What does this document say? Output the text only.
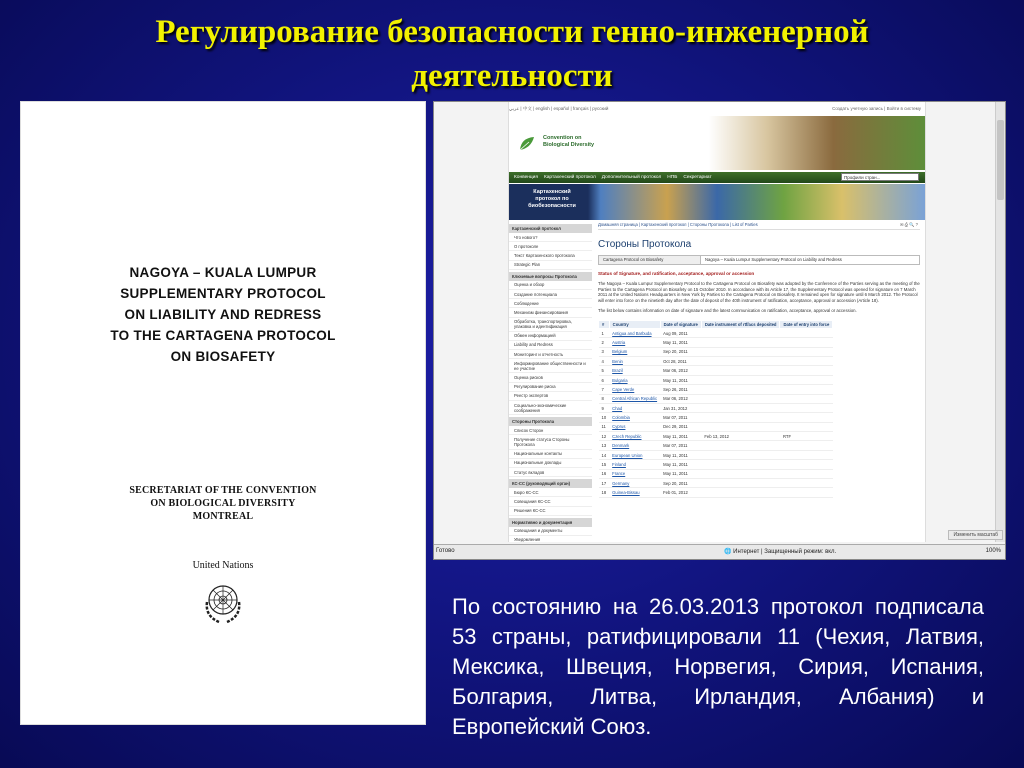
Регулирование безопасности генно-инженерной
деятельности
NAGOYA – KUALA LUMPUR
SUPPLEMENTARY PROTOCOL
ON LIABILITY AND REDRESS
TO THE CARTAGENA PROTOCOL
ON BIOSAFETY
SECRETARIAT OF THE CONVENTION
ON BIOLOGICAL DIVERSITY
MONTREAL
United Nations
عربي | 中文 | english | español | français | русский	Создать учетную запись | Войти в систему
Convention on
Biological Diversity
Конвенция Картахенский протокол Дополнительный протокол НПБ Секретариат	Профили стран...
Картахенский
протокол по
биобезопасности
Картахенский протокол
Что нового?
О протоколе
Текст Картахенского протокола
Strategic Plan
Ключевые вопросы Протокола
Оценка и обзор
Создание потенциала
Соблюдение
Механизм финансирования
Обработка, транспортировка, упаковка и идентификация
Обмен информацией
Liability and Redress
Мониторинг и отчетность
Информирование общественности и ее участие
Оценка рисков
Регулирование риска
Реестр экспертов
Социально-экономические соображения
Стороны Протокола
Список Сторон
Получение статуса Стороны Протокола
Национальные контакты
Национальные доклады
Статус вкладов
КС-СС (руководящий орган)
Бюро КС-СС
Совещания КС-СС
Решения КС-СС
Нормативно и документация
Совещания и документы
Уведомления
Домашняя страница | Картахенский протокол | Стороны Протокола | List of Parties	✉ ⎙ 🔍 ?
Стороны Протокола
Cartagena Protocol on Biosafety	Nagoya – Kuala Lumpur Supplementary Protocol on Liability and Redress
Status of Signature, and ratification, acceptance, approval or accession
The Nagoya – Kuala Lumpur Supplementary Protocol to the Cartagena Protocol on Biosafety was adopted by the Conference of the Parties serving as the meeting of the Parties to the Cartagena Protocol on Biosafety on 15 October 2010. In accordance with its Article 17, the Supplementary Protocol was opened for signature on 7 March 2011 at the United Nations Headquarters in New York by Parties to the Cartagena Protocol on Biosafety. It remained open for signature until 6 March 2012. The Protocol will enter into force on the ninetieth day after the date of deposit of the 40th instrument of ratification, acceptance, approval or accession (Article 18).
The list below contains information on date of signature and the latest communication on ratification, acceptance, approval or accession.
#	Country	Date of signature	Date instrument of rtf/acs deposited	Date of entry into force
1	Antigua and Barbuda	Aug 09, 2011		
2	Austria	May 11, 2011		
3	Belgium	Sep 20, 2011		
4	Benin	Oct 28, 2011		
5	Brazil	Mar 06, 2012		
6	Bulgaria	May 11, 2011		
7	Cape Verde	Sep 26, 2011		
8	Central African Republic	Mar 06, 2012		
9	Chad	Jan 31, 2012		
10	Colombia	Mar 07, 2011		
11	Cyprus	Dec 29, 2011		
12	Czech Republic	May 11, 2011	Feb 13, 2012	RTF
13	Denmark	Mar 07, 2011		
14	European Union	May 11, 2011		
15	Finland	May 11, 2011		
16	France	May 11, 2011		
17	Germany	Sep 20, 2011		
18	Guinea-Bissau	Feb 01, 2012		
Изменить масштаб
Готово	🌐 Интернет | Защищенный режим: вкл.	100%
По состоянию на 26.03.2013 протокол подписала 53 страны, ратифицировали 11 (Чехия, Латвия, Мексика, Швеция, Норвегия, Сирия, Испания, Болгария, Литва, Ирландия, Албания) и Европейский Союз.
